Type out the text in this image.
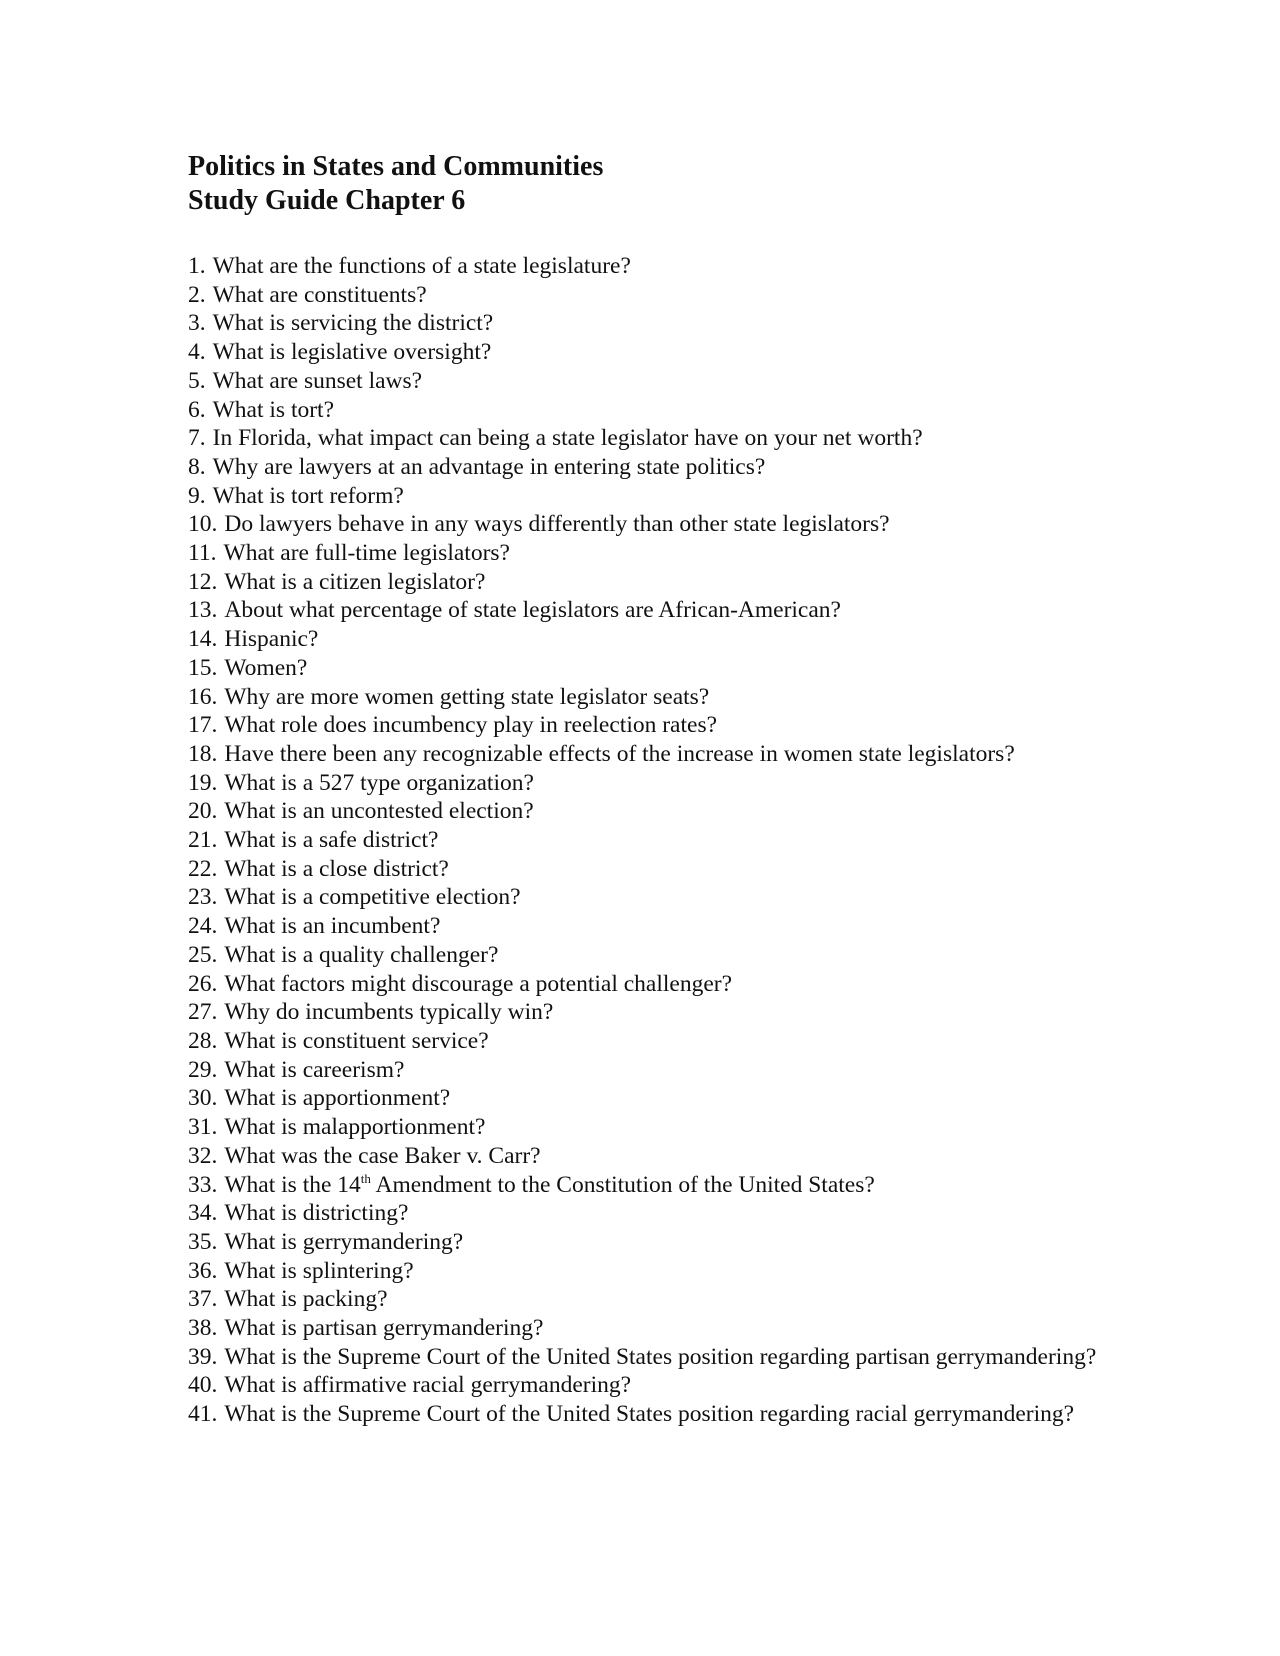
Politics in States and Communities
Study Guide Chapter 6

1. What are the functions of a state legislature?

2. What are constituents?

3. What is servicing the district?

4. What is legislative oversight?

5. What are sunset laws?

6. What is tort?

7. In Florida, what impact can being a state legislator have on your net worth?

8. Why are lawyers at an advantage in entering state politics?

9. What is tort reform?

10. Do lawyers behave in any ways differently than other state legislators?

11. What are full-time legislators?

12. What is a citizen legislator?

13. About what percentage of state legislators are African-American?

14. Hispanic?

15. Women?

16. Why are more women getting state legislator seats?

17. What role does incumbency play in reelection rates?

18. Have there been any recognizable effects of the increase in women state legislators?

19. What is a 527 type organization?

20. What is an uncontested election?

21. What is a safe district?

22. What is a close district?

23. What is a competitive election?

24. What is an incumbent?

25. What is a quality challenger?

26. What factors might discourage a potential challenger?

27. Why do incumbents typically win?

28. What is constituent service?

29. What is careerism?

30. What is apportionment?

31. What is malapportionment?

32. What was the case Baker v. Carr?

33. What is the 14th Amendment to the Constitution of the United States?

34. What is districting?

35. What is gerrymandering?

36. What is splintering?

37. What is packing?

38. What is partisan gerrymandering?

39. What is the Supreme Court of the United States position regarding partisan gerrymandering?

40. What is affirmative racial gerrymandering?

41. What is the Supreme Court of the United States position regarding racial gerrymandering?
